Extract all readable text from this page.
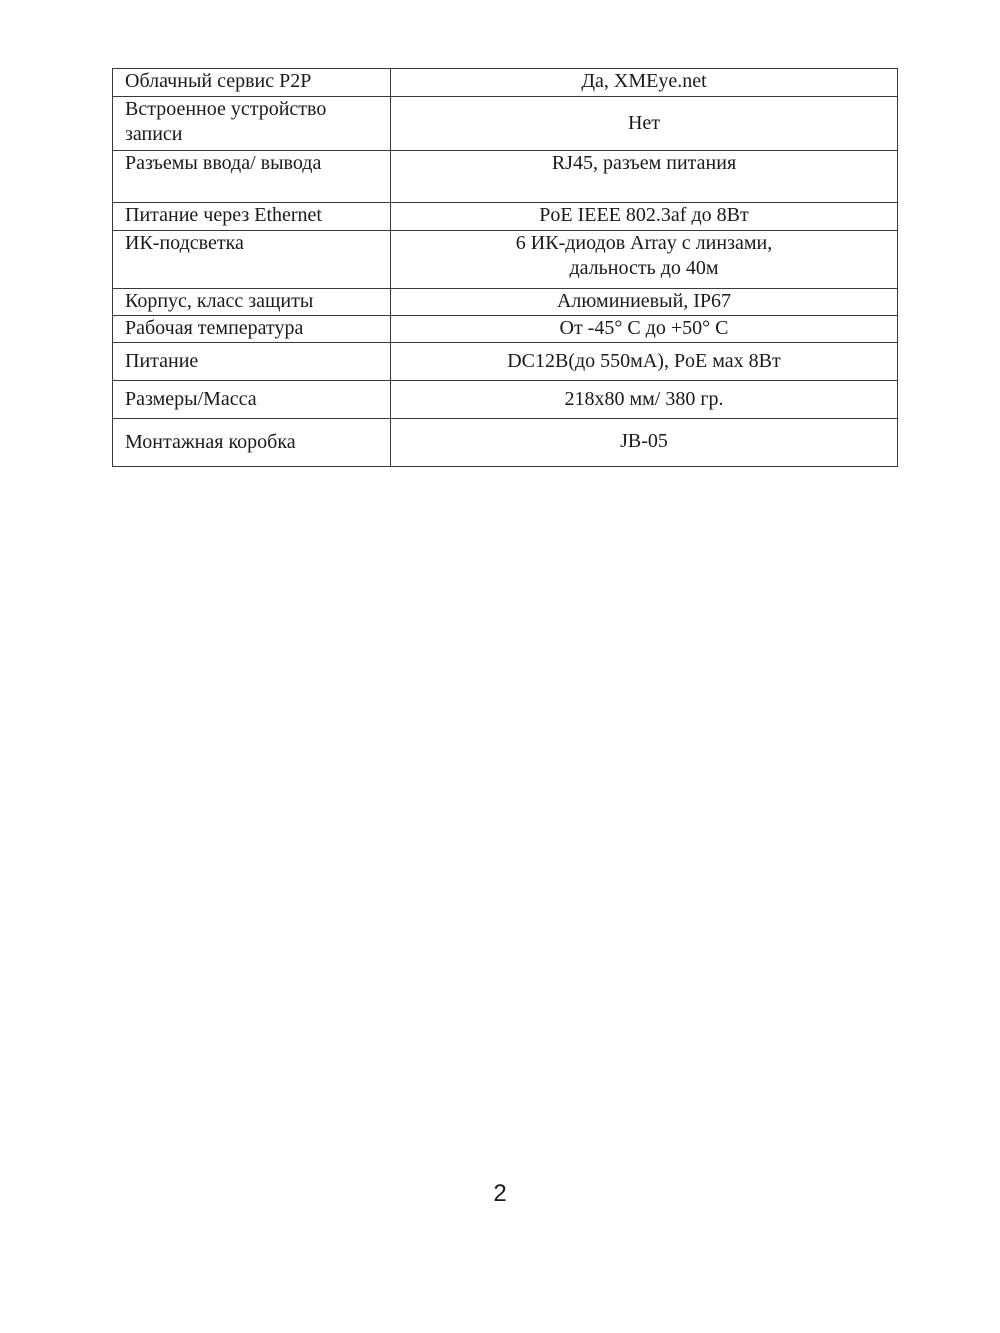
Облачный сервис P2P	Да, XMEye.net
Встроенное устройство записи	Нет
Разъемы ввода/ вывода	RJ45, разъем питания
Питание через Ethernet	PoE IEEE 802.3af до 8Вт
ИК-подсветка	6 ИК-диодов Array с линзами, дальность до 40м
Корпус, класс защиты	Алюминиевый, IP67
Рабочая температура	От -45° С до +50° С
Питание	DC12В(до 550мА), PoE мах 8Вт
Размеры/Масса	218x80 мм/ 380 гр.
Монтажная коробка	JB-05
2
